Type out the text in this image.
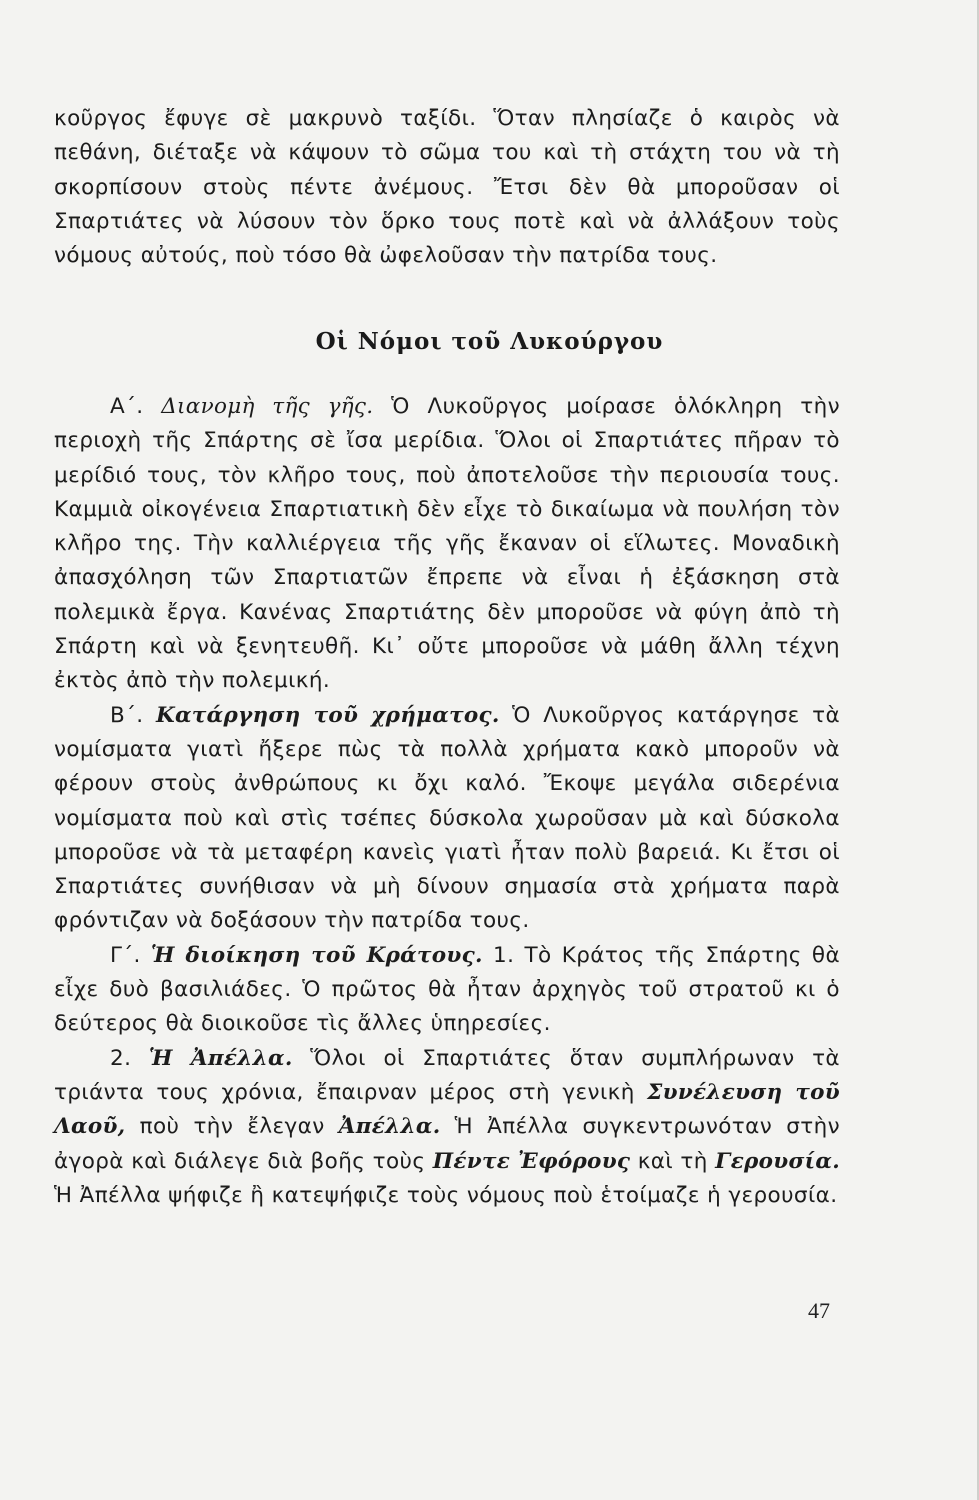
κοῦργος ἔφυγε σὲ μακρυνὸ ταξίδι. Ὅταν πλησίαζε ὁ καιρὸς νὰ πεθάνη, διέταξε νὰ κάψουν τὸ σῶμα του καὶ τὴ στάχτη του νὰ τὴ σκορπίσουν στοὺς πέντε ἀνέμους. Ἔτσι δὲν θὰ μποροῦσαν οἱ Σπαρτιάτες νὰ λύσουν τὸν ὅρκο τους ποτὲ καὶ νὰ ἀλλάξουν τοὺς νόμους αὐτούς, ποὺ τόσο θὰ ὠφελοῦσαν τὴν πατρίδα τους.

Οἱ Νόμοι τοῦ Λυκούργου

Α΄. Διανομὴ τῆς γῆς. Ὁ Λυκοῦργος μοίρασε ὁλόκληρη τὴν περιοχὴ τῆς Σπάρτης σὲ ἴσα μερίδια. Ὅλοι οἱ Σπαρτιάτες πῆραν τὸ μερίδιό τους, τὸν κλῆρο τους, ποὺ ἀποτελοῦσε τὴν περιουσία τους. Καμμιὰ οἰκογένεια Σπαρτιατικὴ δὲν εἶχε τὸ δικαίωμα νὰ πουλήση τὸν κλῆρο της. Τὴν καλλιέργεια τῆς γῆς ἔκαναν οἱ εἵλωτες. Μοναδικὴ ἀπασχόληση τῶν Σπαρτιατῶν ἔπρεπε νὰ εἶναι ἡ ἐξάσκηση στὰ πολεμικὰ ἔργα. Κανένας Σπαρτιάτης δὲν μποροῦσε νὰ φύγη ἀπὸ τὴ Σπάρτη καὶ νὰ ξενητευθῆ. Κι᾿ οὔτε μποροῦσε νὰ μάθη ἄλλη τέχνη ἐκτὸς ἀπὸ τὴν πολεμική.

Β΄. Κατάργηση τοῦ χρήματος. Ὁ Λυκοῦργος κατάργησε τὰ νομίσματα γιατὶ ἤξερε πὼς τὰ πολλὰ χρήματα κακὸ μποροῦν νὰ φέρουν στοὺς ἀνθρώπους κι ὄχι καλό. Ἔκοψε μεγάλα σιδερένια νομίσματα ποὺ καὶ στὶς τσέπες δύσκολα χωροῦσαν μὰ καὶ δύσκολα μποροῦσε νὰ τὰ μεταφέρη κανεὶς γιατὶ ἦταν πολὺ βαρειά. Κι ἔτσι οἱ Σπαρτιάτες συνήθισαν νὰ μὴ δίνουν σημασία στὰ χρήματα παρὰ φρόντιζαν νὰ δοξάσουν τὴν πατρίδα τους.

Γ΄. Ἡ διοίκηση τοῦ Κράτους. 1. Τὸ Κράτος τῆς Σπάρτης θὰ εἶχε δυὸ βασιλιάδες. Ὁ πρῶτος θὰ ἦταν ἀρχηγὸς τοῦ στρατοῦ κι ὁ δεύτερος θὰ διοικοῦσε τὶς ἄλλες ὑπηρεσίες.

2. Ἡ Ἀπέλλα. Ὅλοι οἱ Σπαρτιάτες ὅταν συμπλήρωναν τὰ τριάντα τους χρόνια, ἔπαιρναν μέρος στὴ γενικὴ Συνέλευση τοῦ Λαοῦ, ποὺ τὴν ἔλεγαν Ἀπέλλα. Ἡ Ἀπέλλα συγκεντρωνόταν στὴν ἀγορὰ καὶ διάλεγε διὰ βοῆς τοὺς Πέντε Ἐφόρους καὶ τὴ Γερουσία. Ἡ Ἀπέλλα ψήφιζε ἢ κατεψήφιζε τοὺς νόμους ποὺ ἑτοίμαζε ἡ γερουσία.

47
